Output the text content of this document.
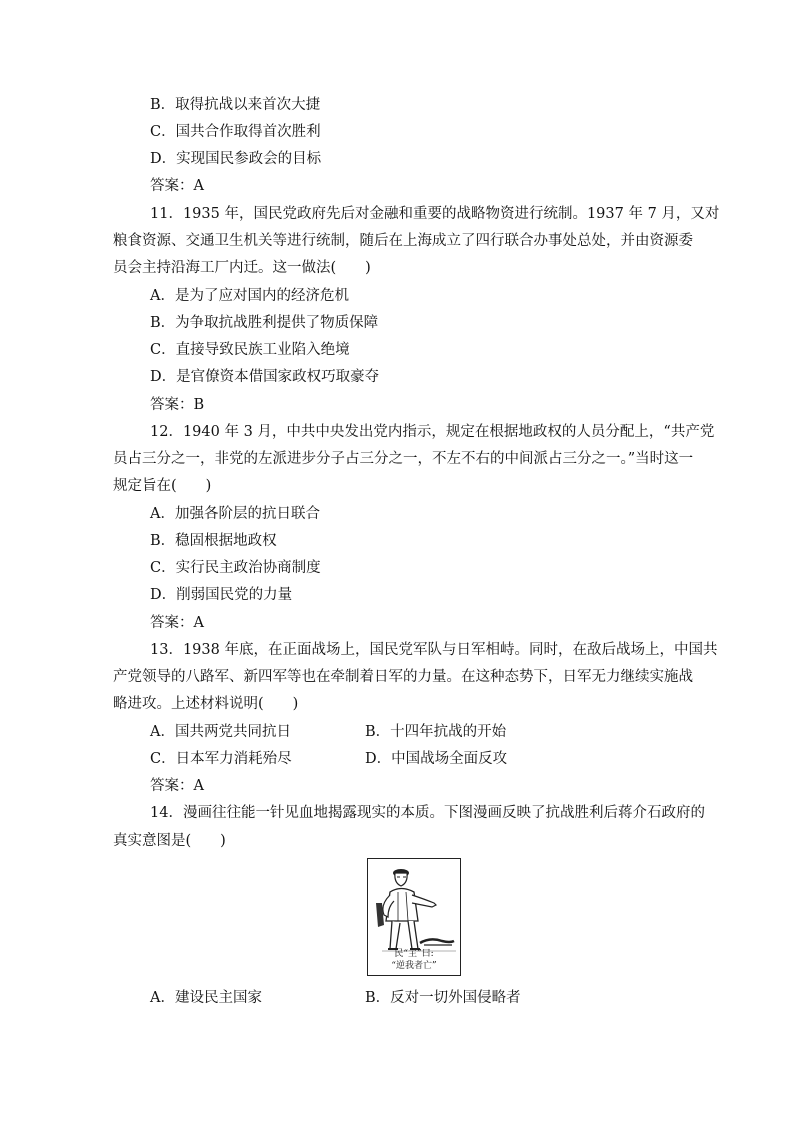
B．取得抗战以来首次大捷
C．国共合作取得首次胜利
D．实现国民参政会的目标
答案：A
11．1935 年，国民党政府先后对金融和重要的战略物资进行统制。1937 年 7 月，又对
粮食资源、交通卫生机关等进行统制，随后在上海成立了四行联合办事处总处，并由资源委
员会主持沿海工厂内迁。这一做法(　　)
A．是为了应对国内的经济危机
B．为争取抗战胜利提供了物质保障
C．直接导致民族工业陷入绝境
D．是官僚资本借国家政权巧取豪夺
答案：B
12．1940 年 3 月，中共中央发出党内指示，规定在根据地政权的人员分配上，“共产党
员占三分之一，非党的左派进步分子占三分之一，不左不右的中间派占三分之一。”当时这一
规定旨在(　　)
A．加强各阶层的抗日联合
B．稳固根据地政权
C．实行民主政治协商制度
D．削弱国民党的力量
答案：A
13．1938 年底，在正面战场上，国民党军队与日军相峙。同时，在敌后战场上，中国共
产党领导的八路军、新四军等也在牵制着日军的力量。在这种态势下，日军无力继续实施战
略进攻。上述材料说明(　　)
A．国共两党共同抗日	B．十四年抗战的开始
C．日本军力消耗殆尽	D．中国战场全面反攻
答案：A
14．漫画往往能一针见血地揭露现实的本质。下图漫画反映了抗战胜利后蒋介石政府的
真实意图是(　　)
民“主”曰:
“逆我者亡”
A．建设民主国家	B．反对一切外国侵略者
